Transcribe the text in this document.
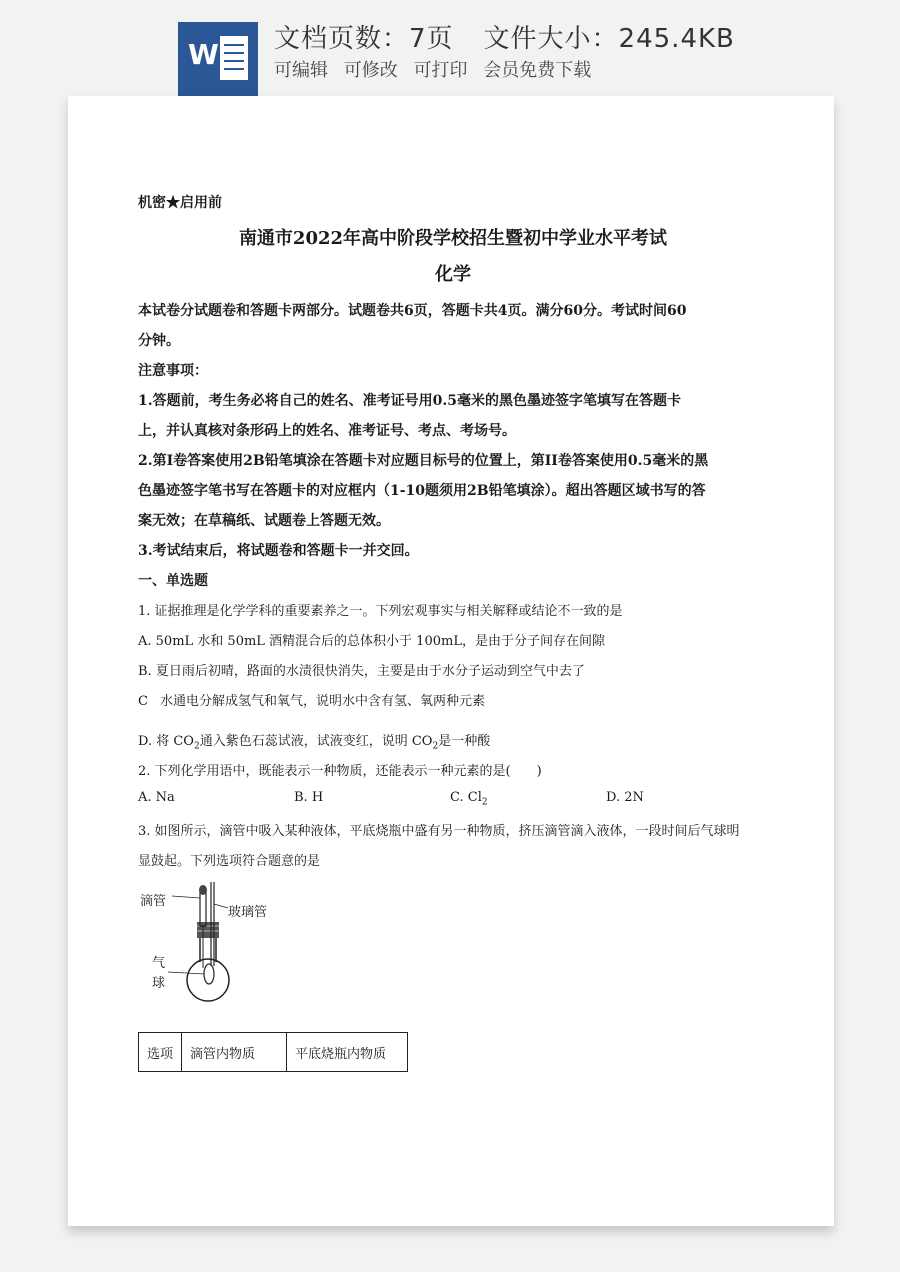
W 文档页数：7页 文件大小：245.4KB
可编辑 可修改 可打印 会员免费下载
机密★启用前
南通市2022年高中阶段学校招生暨初中学业水平考试
化学
本试卷分试题卷和答题卡两部分。试题卷共6页，答题卡共4页。满分60分。考试时间60
分钟。
注意事项：
1.答题前，考生务必将自己的姓名、准考证号用0.5毫米的黑色墨迹签字笔填写在答题卡
上，并认真核对条形码上的姓名、准考证号、考点、考场号。
2.第I卷答案使用2B铅笔填涂在答题卡对应题目标号的位置上，第II卷答案使用0.5毫米的黑
色墨迹签字笔书写在答题卡的对应框内（1-10题须用2B铅笔填涂）。超出答题区域书写的答
案无效；在草稿纸、试题卷上答题无效。
3.考试结束后，将试题卷和答题卡一并交回。
一、单选题
1. 证据推理是化学学科的重要素养之一。下列宏观事实与相关解释或结论不一致的是
A. 50mL 水和 50mL 酒精混合后的总体积小于 100mL，是由于分子间存在间隙
B. 夏日雨后初晴，路面的水渍很快消失，主要是由于水分子运动到空气中去了
C 水通电分解成氢气和氧气，说明水中含有氢、氧两种元素
D. 将 $CO_2$通入紫色石蕊试液，试液变红，说明 $CO_2$是一种酸
2. 下列化学用语中，既能表示一种物质，还能表示一种元素的是(　　)
A. Na	B. H	C. $Cl_2$	D. 2N
3. 如图所示，滴管中吸入某种液体，平底烧瓶中盛有另一种物质，挤压滴管滴入液体，一段时间后气球明
显鼓起。下列选项符合题意的是
滴管
玻璃管
气
球
选项	滴管内物质	平底烧瓶内物质
